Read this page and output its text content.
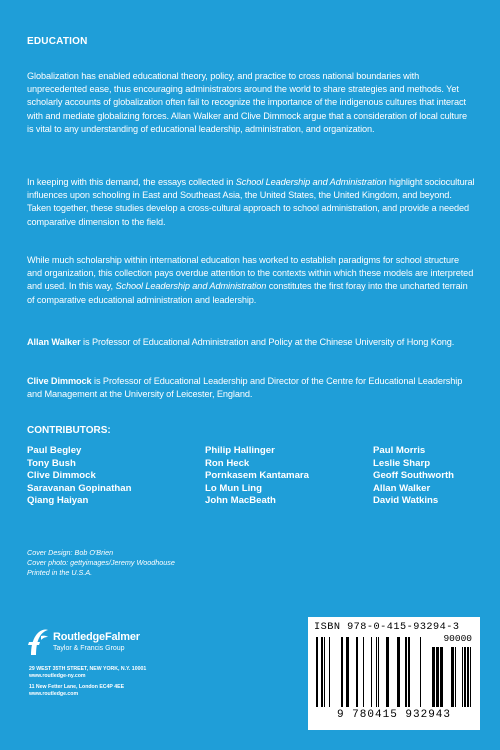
EDUCATION

Globalization has enabled educational theory, policy, and practice to cross national boundaries with unprecedented ease, thus encouraging administrators around the world to share strategies and methods. Yet scholarly accounts of globalization often fail to recognize the importance of the indigenous cultures that interact with and mediate globalizing forces. Allan Walker and Clive Dimmock argue that a consideration of local culture is vital to any understanding of educational leadership, administration, and organization.

In keeping with this demand, the essays collected in School Leadership and Administration highlight sociocultural influences upon schooling in East and Southeast Asia, the United States, the United Kingdom, and beyond. Taken together, these studies develop a cross-cultural approach to school administration, and provide a needed comparative dimension to the field.

While much scholarship within international education has worked to establish paradigms for school structure and organization, this collection pays overdue attention to the contexts within which these models are interpreted and used. In this way, School Leadership and Administration constitutes the first foray into the uncharted terrain of comparative educational administration and leadership.

Allan Walker is Professor of Educational Administration and Policy at the Chinese University of Hong Kong.

Clive Dimmock is Professor of Educational Leadership and Director of the Centre for Educational Leadership and Management at the University of Leicester, England.

CONTRIBUTORS:
Paul Begley
Tony Bush
Clive Dimmock
Saravanan Gopinathan
Qiang Haiyan
Philip Hallinger
Ron Heck
Pornkasem Kantamara
Lo Mun Ling
John MacBeath
Paul Morris
Leslie Sharp
Geoff Southworth
Allan Walker
David Watkins
Cover Design: Bob O'Brien
Cover photo: gettyimages/Jeremy Woodhouse
Printed in the U.S.A.
RoutledgeFalmer
Taylor & Francis Group
29 WEST 35TH STREET, NEW YORK, N.Y. 10001
www.routledge-ny.com
11 New Fetter Lane, London EC4P 4EE
www.routledge.com
ISBN 978-0-415-93294-3
90000
9 780415 932943
